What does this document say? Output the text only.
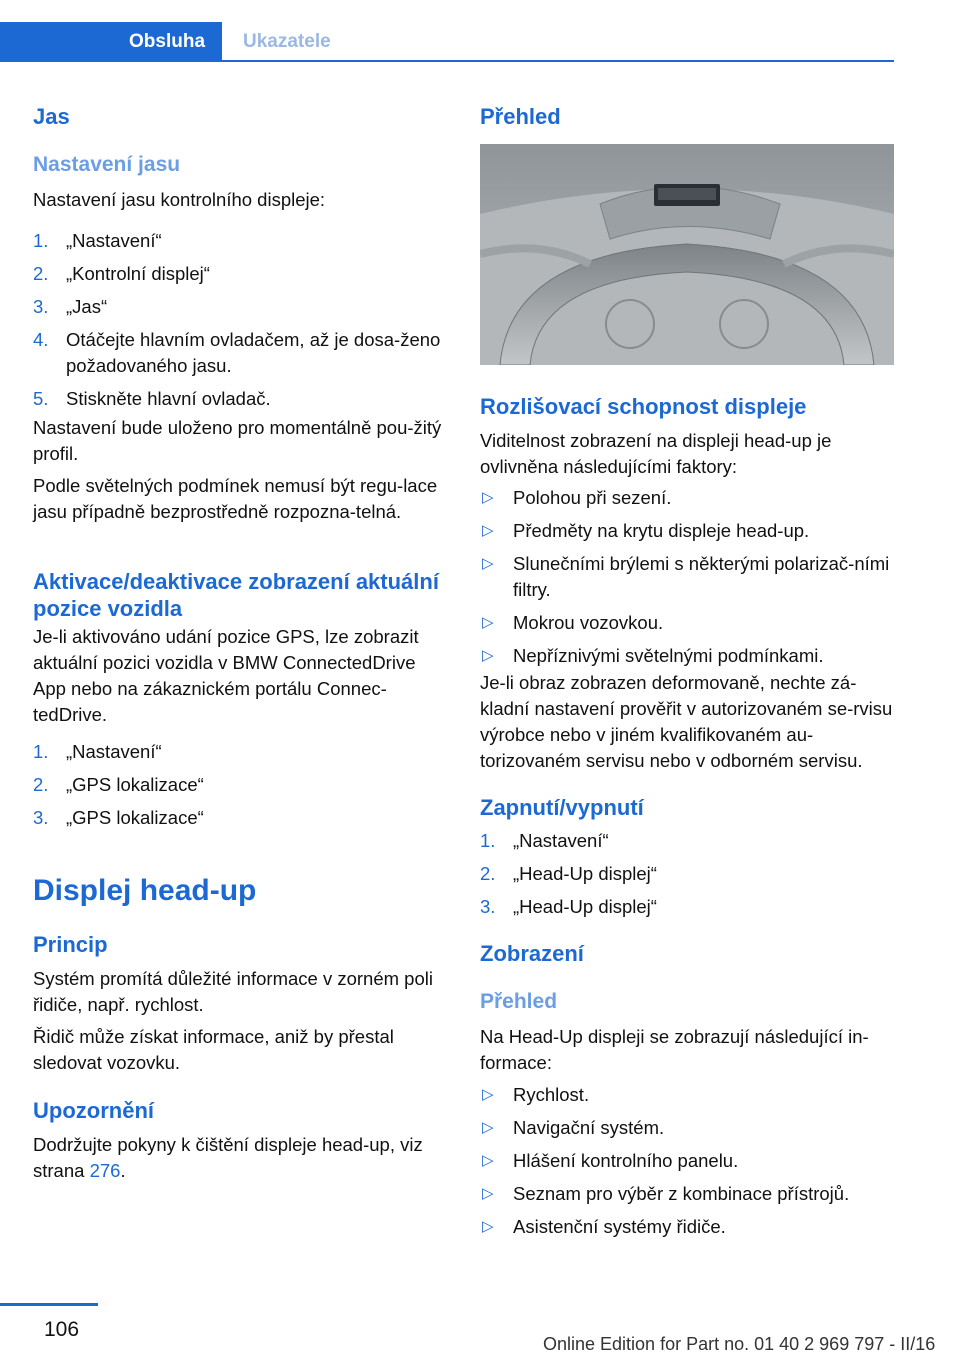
Obsluha Ukazatele
Jas
Nastavení jasu

Nastavení jasu kontrolního displeje:

1. „Nastavení“
2. „Kontrolní displej“
3. „Jas“
4. Otáčejte hlavním ovladačem, až je dosa‐ženo požadovaného jasu.
5. Stiskněte hlavní ovladač.

Nastavení bude uloženo pro momentálně pou‐žitý profil.

Podle světelných podmínek nemusí být regu‐lace jasu případně bezprostředně rozpozna‐telná.

Aktivace/deaktivace zobrazení aktuální pozice vozidla

Je-li aktivováno udání pozice GPS, lze zobrazit aktuální pozici vozidla v BMW ConnectedDrive App nebo na zákaznickém portálu Connec‐tedDrive.

1. „Nastavení“
2. „GPS lokalizace“
3. „GPS lokalizace“
Displej head-up
Princip

Systém promítá důležité informace v zorném poli řidiče, např. rychlost.

Řidič může získat informace, aniž by přestal sledovat vozovku.

Upozornění

Dodržujte pokyny k čištění displeje head-up, viz strana 276.

Přehled
Rozlišovací schopnost displeje

Viditelnost zobrazení na displeji head-up je ovlivněna následujícími faktory:

▷ Polohou při sezení.
▷ Předměty na krytu displeje head-up.
▷ Slunečními brýlemi s některými polarizač‐ními filtry.
▷ Mokrou vozovkou.
▷ Nepříznivými světelnými podmínkami.

Je-li obraz zobrazen deformovaně, nechte zá‐kladní nastavení prověřit v autorizovaném se‐rvisu výrobce nebo v jiném kvalifikovaném au‐torizovaném servisu nebo v odborném servisu.

Zapnutí/vypnutí
1. „Nastavení“
2. „Head-Up displej“
3. „Head-Up displej“
Zobrazení
Přehled

Na Head-Up displeji se zobrazují následující in‐formace:

▷ Rychlost.
▷ Navigační systém.
▷ Hlášení kontrolního panelu.
▷ Seznam pro výběr z kombinace přístrojů.
▷ Asistenční systémy řidiče.
106
Online Edition for Part no. 01 40 2 969 797 - II/16
